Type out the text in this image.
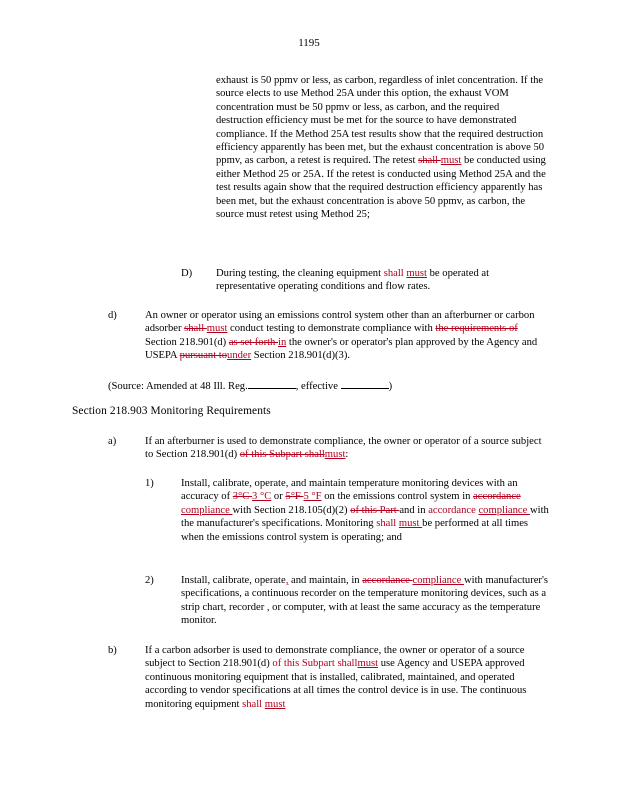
1195
exhaust is 50 ppmv or less, as carbon, regardless of inlet concentration. If the source elects to use Method 25A under this option, the exhaust VOM concentration must be 50 ppmv or less, as carbon, and the required destruction efficiency must be met for the source to have demonstrated compliance. If the Method 25A test results show that the required destruction efficiency apparently has been met, but the exhaust concentration is above 50 ppmv, as carbon, a retest is required. The retest shall must be conducted using either Method 25 or 25A. If the retest is conducted using Method 25A and the test results again show that the required destruction efficiency apparently has been met, but the exhaust concentration is above 50 ppmv, as carbon, the source must retest using Method 25;
D) During testing, the cleaning equipment shall must be operated at representative operating conditions and flow rates.
d)	An owner or operator using an emissions control system other than an afterburner or carbon adsorber shall must conduct testing to demonstrate compliance with the requirements of Section 218.901(d) as set forth in the owner's or operator's plan approved by the Agency and USEPA pursuant tounder Section 218.901(d)(3).
(Source: Amended at 48 Ill. Reg.	, effective	)
Section 218.903 Monitoring Requirements
a)	If an afterburner is used to demonstrate compliance, the owner or operator of a source subject to Section 218.901(d) of this Subpart shallmust:
1)	Install, calibrate, operate, and maintain temperature monitoring devices with an accuracy of 3°C 3 °C or 5°F 5 °F on the emissions control system in accordance compliance with Section 218.105(d)(2) of this Part and in accordance compliance with the manufacturer's specifications. Monitoring shall must be performed at all times when the emissions control system is operating; and
2)	Install, calibrate, operate, and maintain, in accordance compliance with manufacturer's specifications, a continuous recorder on the temperature monitoring devices, such as a strip chart, recorder , or computer, with at least the same accuracy as the temperature monitor.
b)	If a carbon adsorber is used to demonstrate compliance, the owner or operator of a source subject to Section 218.901(d) of this Subpart shallmust use Agency and USEPA approved continuous monitoring equipment that is installed, calibrated, maintained, and operated according to vendor specifications at all times the control device is in use. The continuous monitoring equipment shall must
